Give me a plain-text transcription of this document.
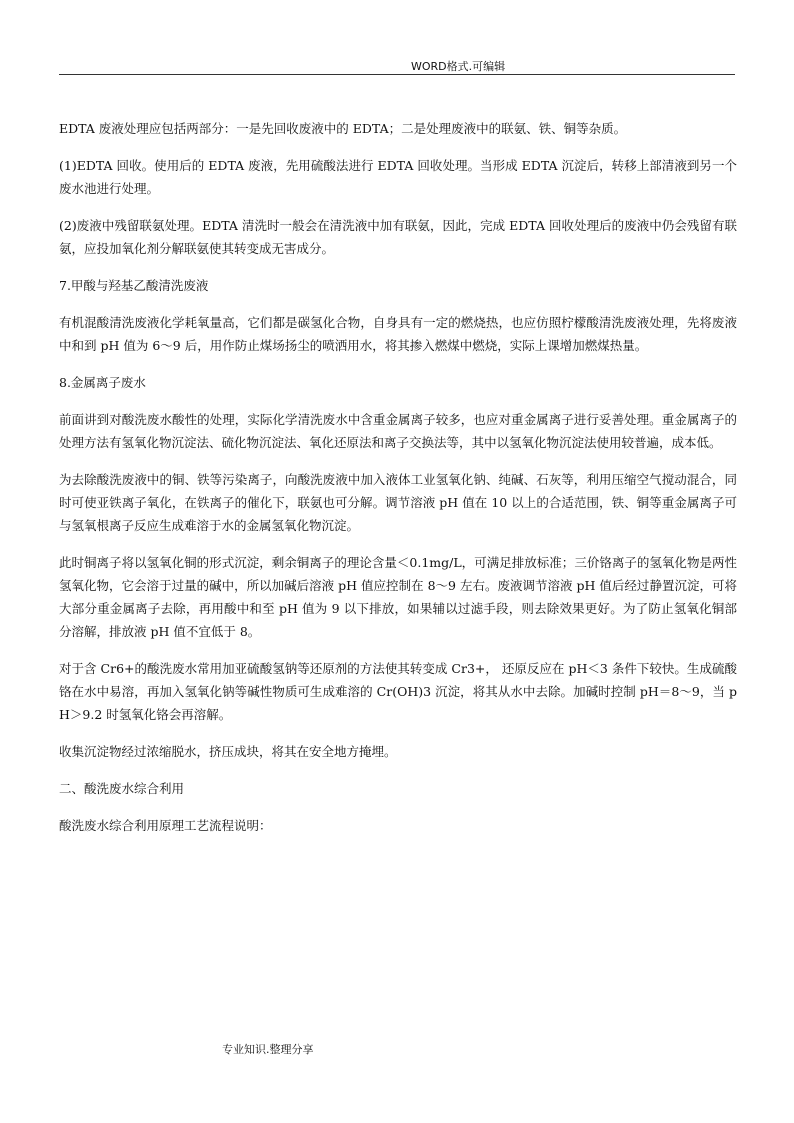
WORD格式.可编辑

EDTA 废液处理应包括两部分：一是先回收废液中的 EDTA；二是处理废液中的联氨、铁、铜等杂质。

(1)EDTA 回收。使用后的 EDTA 废液，先用硫酸法进行 EDTA 回收处理。当形成 EDTA 沉淀后，转移上部清液到另一个废水池进行处理。

(2)废液中残留联氨处理。EDTA 清洗时一般会在清洗液中加有联氨，因此，完成 EDTA 回收处理后的废液中仍会残留有联氨，应投加氧化剂分解联氨使其转变成无害成分。

7.甲酸与羟基乙酸清洗废液

有机混酸清洗废液化学耗氧量高，它们都是碳氢化合物，自身具有一定的燃烧热，也应仿照柠檬酸清洗废液处理，先将废液中和到 pH 值为 6～9 后，用作防止煤场扬尘的喷洒用水，将其掺入燃煤中燃烧，实际上课增加燃煤热量。

8.金属离子废水

前面讲到对酸洗废水酸性的处理，实际化学清洗废水中含重金属离子较多，也应对重金属离子进行妥善处理。重金属离子的处理方法有氢氧化物沉淀法、硫化物沉淀法、氧化还原法和离子交换法等，其中以氢氧化物沉淀法使用较普遍，成本低。

为去除酸洗废液中的铜、铁等污染离子，向酸洗废液中加入液体工业氢氧化钠、纯碱、石灰等，利用压缩空气搅动混合，同时可使亚铁离子氧化，在铁离子的催化下，联氨也可分解。调节溶液 pH 值在 10 以上的合适范围，铁、铜等重金属离子可与氢氧根离子反应生成难溶于水的金属氢氧化物沉淀。

此时铜离子将以氢氧化铜的形式沉淀，剩余铜离子的理论含量＜0.1mg/L，可满足排放标准；三价铬离子的氢氧化物是两性氢氧化物，它会溶于过量的碱中，所以加碱后溶液 pH 值应控制在 8～9 左右。废液调节溶液 pH 值后经过静置沉淀，可将大部分重金属离子去除，再用酸中和至 pH 值为 9 以下排放，如果辅以过滤手段，则去除效果更好。为了防止氢氧化铜部分溶解，排放液 pH 值不宜低于 8。

对于含 Cr6+的酸洗废水常用加亚硫酸氢钠等还原剂的方法使其转变成 Cr3+， 还原反应在 pH＜3 条件下较快。生成硫酸铬在水中易溶，再加入氢氧化钠等碱性物质可生成难溶的 Cr(OH)3 沉淀，将其从水中去除。加碱时控制 pH＝8～9，当 pH＞9.2 时氢氧化铬会再溶解。

收集沉淀物经过浓缩脱水，挤压成块，将其在安全地方掩埋。

二、酸洗废水综合利用

酸洗废水综合利用原理工艺流程说明：

专业知识.整理分享
